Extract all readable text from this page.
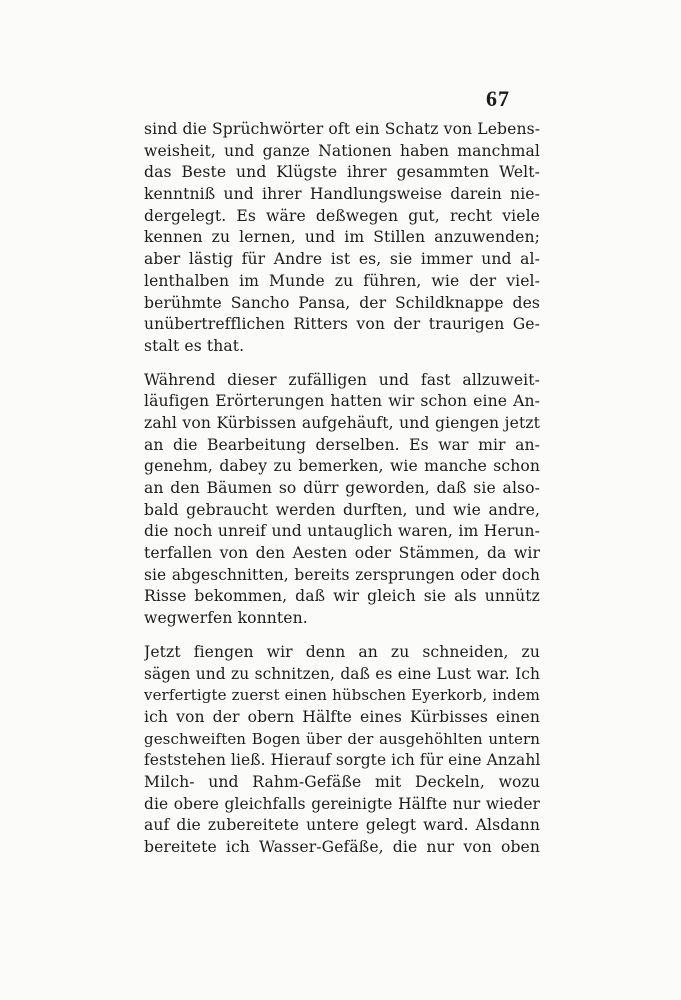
67
sind die Sprüchwörter oft ein Schatz von Lebens-
weisheit, und ganze Nationen haben manchmal
das Beste und Klügste ihrer gesammten Welt-
kenntniß und ihrer Handlungsweise darein nie-
dergelegt. Es wäre deßwegen gut, recht viele
kennen zu lernen, und im Stillen anzuwenden;
aber lästig für Andre ist es, sie immer und al-
lenthalben im Munde zu führen, wie der viel-
berühmte Sancho Pansa, der Schildknappe des
unübertrefflichen Ritters von der traurigen Ge-
stalt es that.
Während dieser zufälligen und fast allzuweit-
läufigen Erörterungen hatten wir schon eine An-
zahl von Kürbissen aufgehäuft, und giengen jetzt
an die Bearbeitung derselben. Es war mir an-
genehm, dabey zu bemerken, wie manche schon
an den Bäumen so dürr geworden, daß sie also-
bald gebraucht werden durften, und wie andre,
die noch unreif und untauglich waren, im Herun-
terfallen von den Aesten oder Stämmen, da wir
sie abgeschnitten, bereits zersprungen oder doch
Risse bekommen, daß wir gleich sie als unnütz
wegwerfen konnten.
Jetzt fiengen wir denn an zu schneiden, zu
sägen und zu schnitzen, daß es eine Lust war. Ich
verfertigte zuerst einen hübschen Eyerkorb, indem
ich von der obern Hälfte eines Kürbisses einen
geschweiften Bogen über der ausgehöhlten untern
feststehen ließ. Hierauf sorgte ich für eine Anzahl
Milch- und Rahm-Gefäße mit Deckeln, wozu
die obere gleichfalls gereinigte Hälfte nur wieder
auf die zubereitete untere gelegt ward. Alsdann
bereitete ich Wasser-Gefäße, die nur von oben
